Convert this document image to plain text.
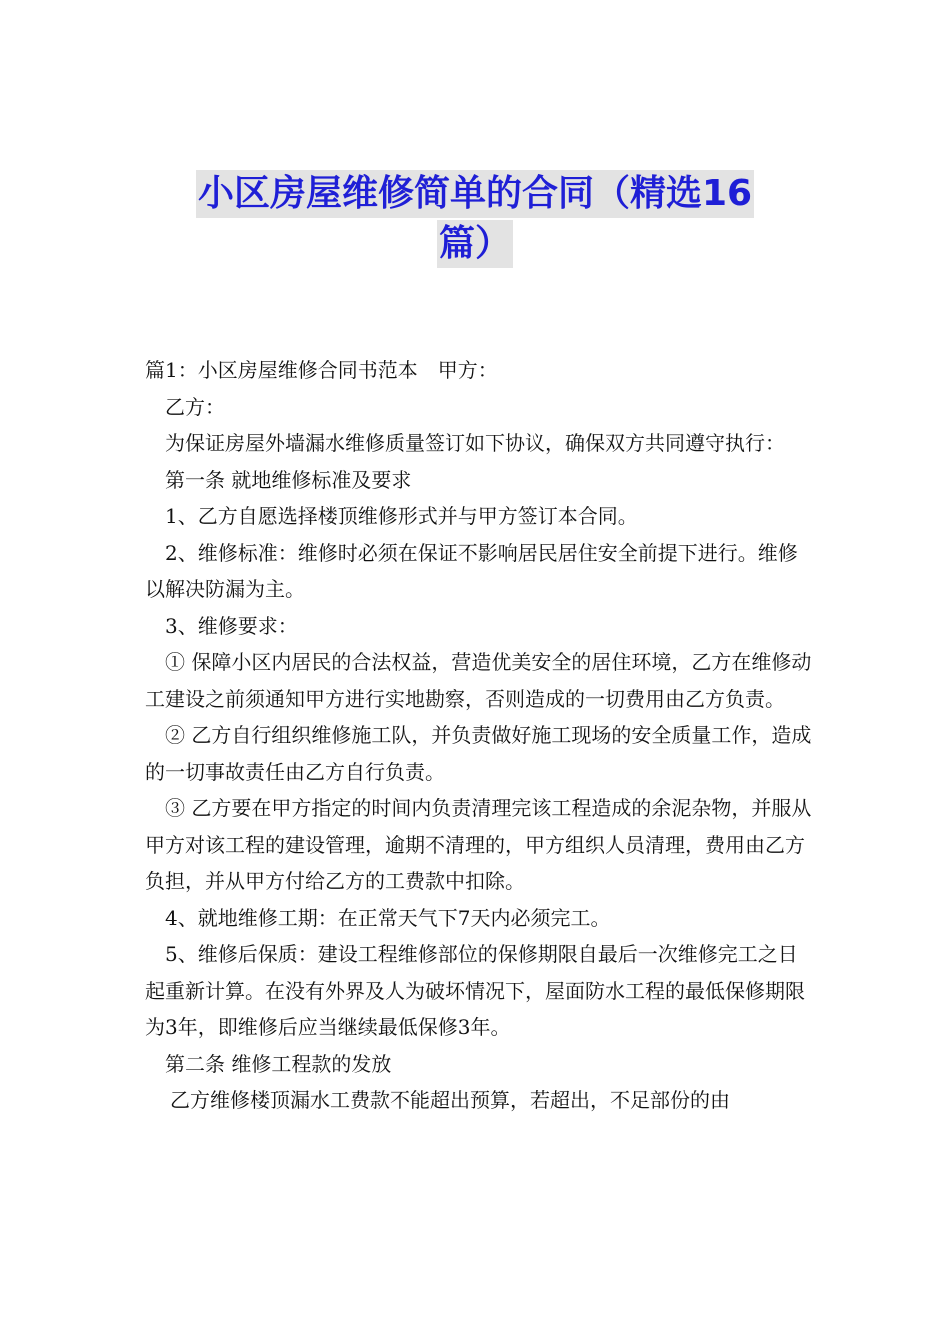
小区房屋维修简单的合同（精选16
篇）

篇1：小区房屋维修合同书范本　甲方：

乙方：

为保证房屋外墙漏水维修质量签订如下协议，确保双方共同遵守执行：

第一条 就地维修标准及要求

1、乙方自愿选择楼顶维修形式并与甲方签订本合同。

2、维修标准：维修时必须在保证不影响居民居住安全前提下进行。维修以解决防漏为主。

3、维修要求：

① 保障小区内居民的合法权益，营造优美安全的居住环境，乙方在维修动工建设之前须通知甲方进行实地勘察，否则造成的一切费用由乙方负责。

② 乙方自行组织维修施工队，并负责做好施工现场的安全质量工作，造成的一切事故责任由乙方自行负责。

③ 乙方要在甲方指定的时间内负责清理完该工程造成的余泥杂物，并服从甲方对该工程的建设管理，逾期不清理的，甲方组织人员清理，费用由乙方负担，并从甲方付给乙方的工费款中扣除。

4、就地维修工期：在正常天气下7天内必须完工。

5、维修后保质：建设工程维修部位的保修期限自最后一次维修完工之日起重新计算。在没有外界及人为破坏情况下，屋面防水工程的最低保修期限为3年，即维修后应当继续最低保修3年。

第二条 维修工程款的发放

乙方维修楼顶漏水工费款不能超出预算，若超出，不足部份的由
